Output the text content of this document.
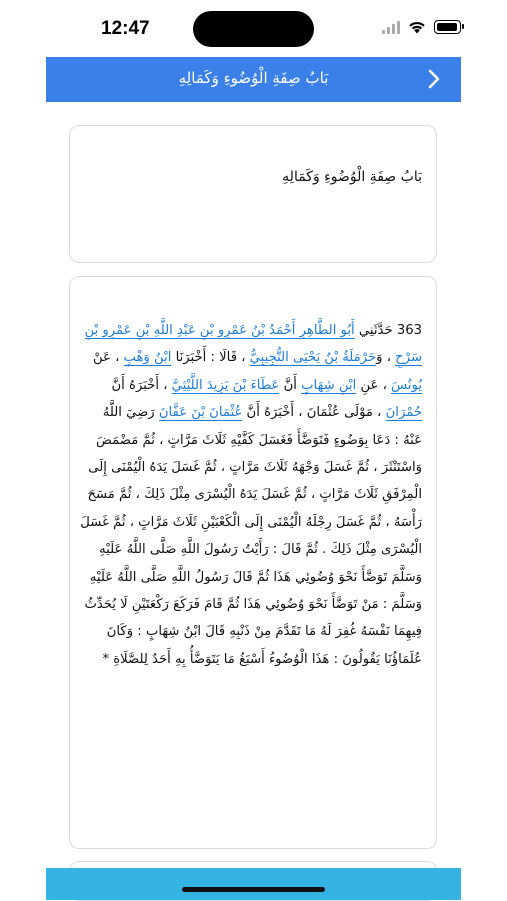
12:47
بَابُ صِفَةِ الْوُضُوءِ وَكَمَالِهِ
بَابُ صِفَةِ الْوُضُوءِ وَكَمَالِهِ

363 حَدَّثَنِي أَبُو الطَّاهِرِ أَحْمَدُ بْنُ عَمْرِو بْنِ عَبْدِ اللَّهِ بْنِ عَمْرِو بْنِ سَرْحٍ ، وَحَرْمَلَةُ بْنُ يَحْيَى التُّجِيبِيُّ ، قَالَا : أَخْبَرَنَا ابْنُ وَهْبٍ ، عَنْ يُونُسَ ، عَنِ ابْنِ شِهَابٍ أَنَّ عَطَاءَ بْنَ يَزِيدَ اللَّيْثِيَّ ، أَخْبَرَهُ أَنَّ حُمْرَانَ ، مَوْلَى عُثْمَانَ ، أَخْبَرَهُ أَنَّ عُثْمَانَ بْنَ عَفَّانَ رَضِيَ اللَّهُ عَنْهُ : دَعَا بِوَضُوءٍ فَتَوَضَّأَ فَغَسَلَ كَفَّيْهِ ثَلَاثَ مَرَّاتٍ ، ثُمَّ مَضْمَضَ وَاسْتَنْثَرَ ، ثُمَّ غَسَلَ وَجْهَهُ ثَلَاثَ مَرَّاتٍ ، ثُمَّ غَسَلَ يَدَهُ الْيُمْنَى إِلَى الْمِرْفَقِ ثَلَاثَ مَرَّاتٍ ، ثُمَّ غَسَلَ يَدَهُ الْيُسْرَى مِثْلَ ذَلِكَ ، ثُمَّ مَسَحَ رَأْسَهُ ، ثُمَّ غَسَلَ رِجْلَهُ الْيُمْنَى إِلَى الْكَعْبَيْنِ ثَلَاثَ مَرَّاتٍ ، ثُمَّ غَسَلَ الْيُسْرَى مِثْلَ ذَلِكَ . ثُمَّ قَالَ : رَأَيْتُ رَسُولَ اللَّهِ صَلَّى اللَّهُ عَلَيْهِ وَسَلَّمَ تَوَضَّأَ نَحْوَ وُضُوئِي هَذَا ثُمَّ قَالَ رَسُولُ اللَّهِ صَلَّى اللَّهُ عَلَيْهِ وَسَلَّمَ : مَنْ تَوَضَّأَ نَحْوَ وُضُوئِي هَذَا ثُمَّ قَامَ فَرَكَعَ رَكْعَتَيْنِ لَا يُحَدِّثُ فِيهِمَا نَفْسَهُ غُفِرَ لَهُ مَا تَقَدَّمَ مِنْ ذَنْبِهِ قَالَ ابْنُ شِهَابٍ : وَكَانَ عُلَمَاؤُنَا يَقُولُونَ : هَذَا الْوُضُوءُ أَسْبَغُ مَا يَتَوَضَّأُ بِهِ أَحَدٌ لِلصَّلَاةِ *
